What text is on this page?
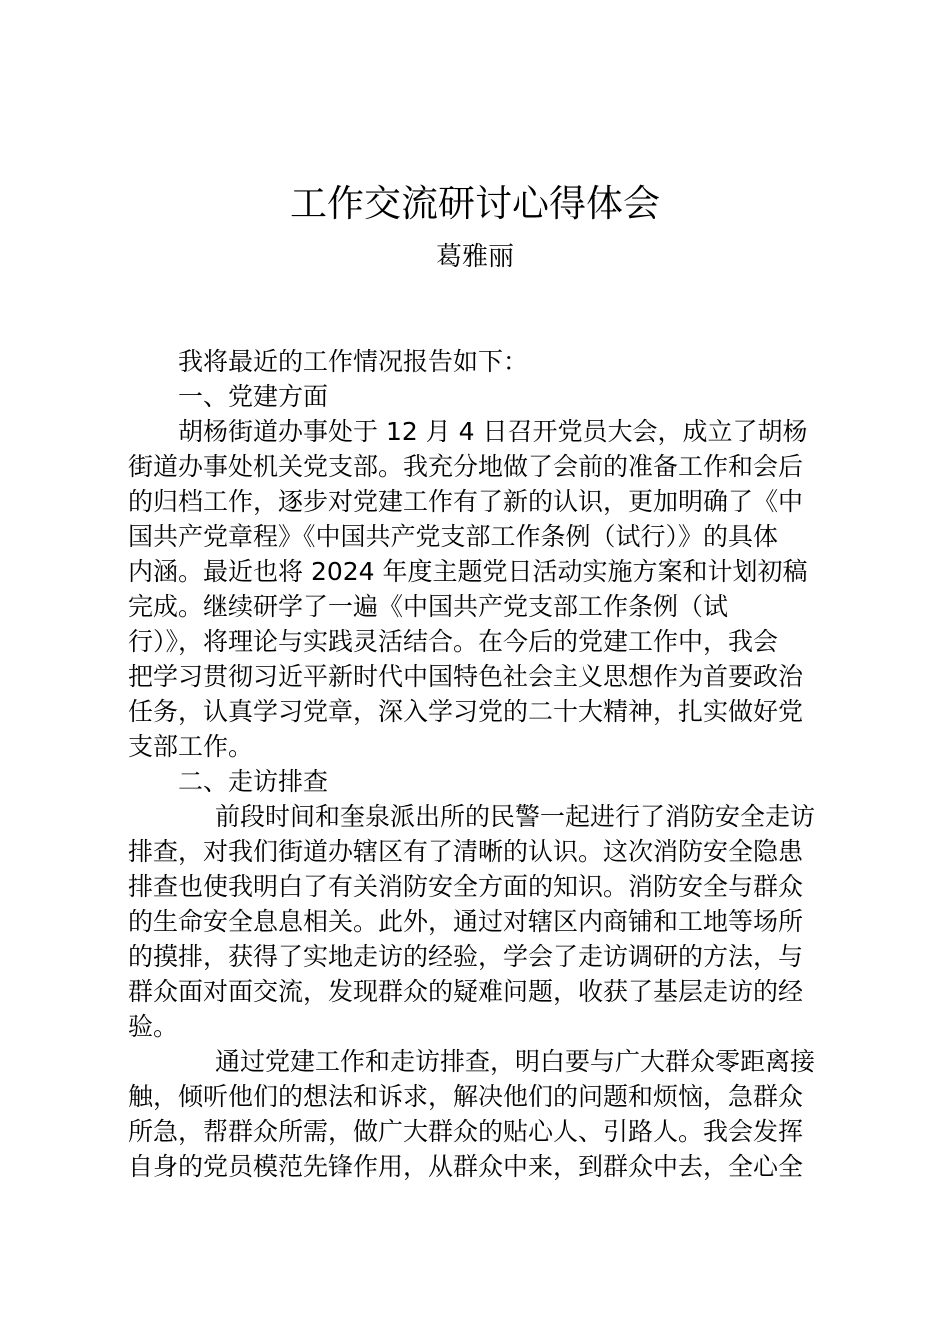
工作交流研讨心得体会
葛雅丽
我将最近的工作情况报告如下：
一、党建方面
胡杨街道办事处于 12 月 4 日召开党员大会，成立了胡杨
街道办事处机关党支部。我充分地做了会前的准备工作和会后
的归档工作，逐步对党建工作有了新的认识，更加明确了《中
国共产党章程》《中国共产党支部工作条例（试行）》的具体
内涵。最近也将 2024 年度主题党日活动实施方案和计划初稿
完成。继续研学了一遍《中国共产党支部工作条例（试
行）》，将理论与实践灵活结合。在今后的党建工作中，我会
把学习贯彻习近平新时代中国特色社会主义思想作为首要政治
任务，认真学习党章，深入学习党的二十大精神，扎实做好党
支部工作。
二、走访排查
前段时间和奎泉派出所的民警一起进行了消防安全走访
排查，对我们街道办辖区有了清晰的认识。这次消防安全隐患
排查也使我明白了有关消防安全方面的知识。消防安全与群众
的生命安全息息相关。此外，通过对辖区内商铺和工地等场所
的摸排，获得了实地走访的经验，学会了走访调研的方法，与
群众面对面交流，发现群众的疑难问题，收获了基层走访的经
验。
通过党建工作和走访排查，明白要与广大群众零距离接
触，倾听他们的想法和诉求，解决他们的问题和烦恼，急群众
所急，帮群众所需，做广大群众的贴心人、引路人。我会发挥
自身的党员模范先锋作用，从群众中来，到群众中去，全心全
